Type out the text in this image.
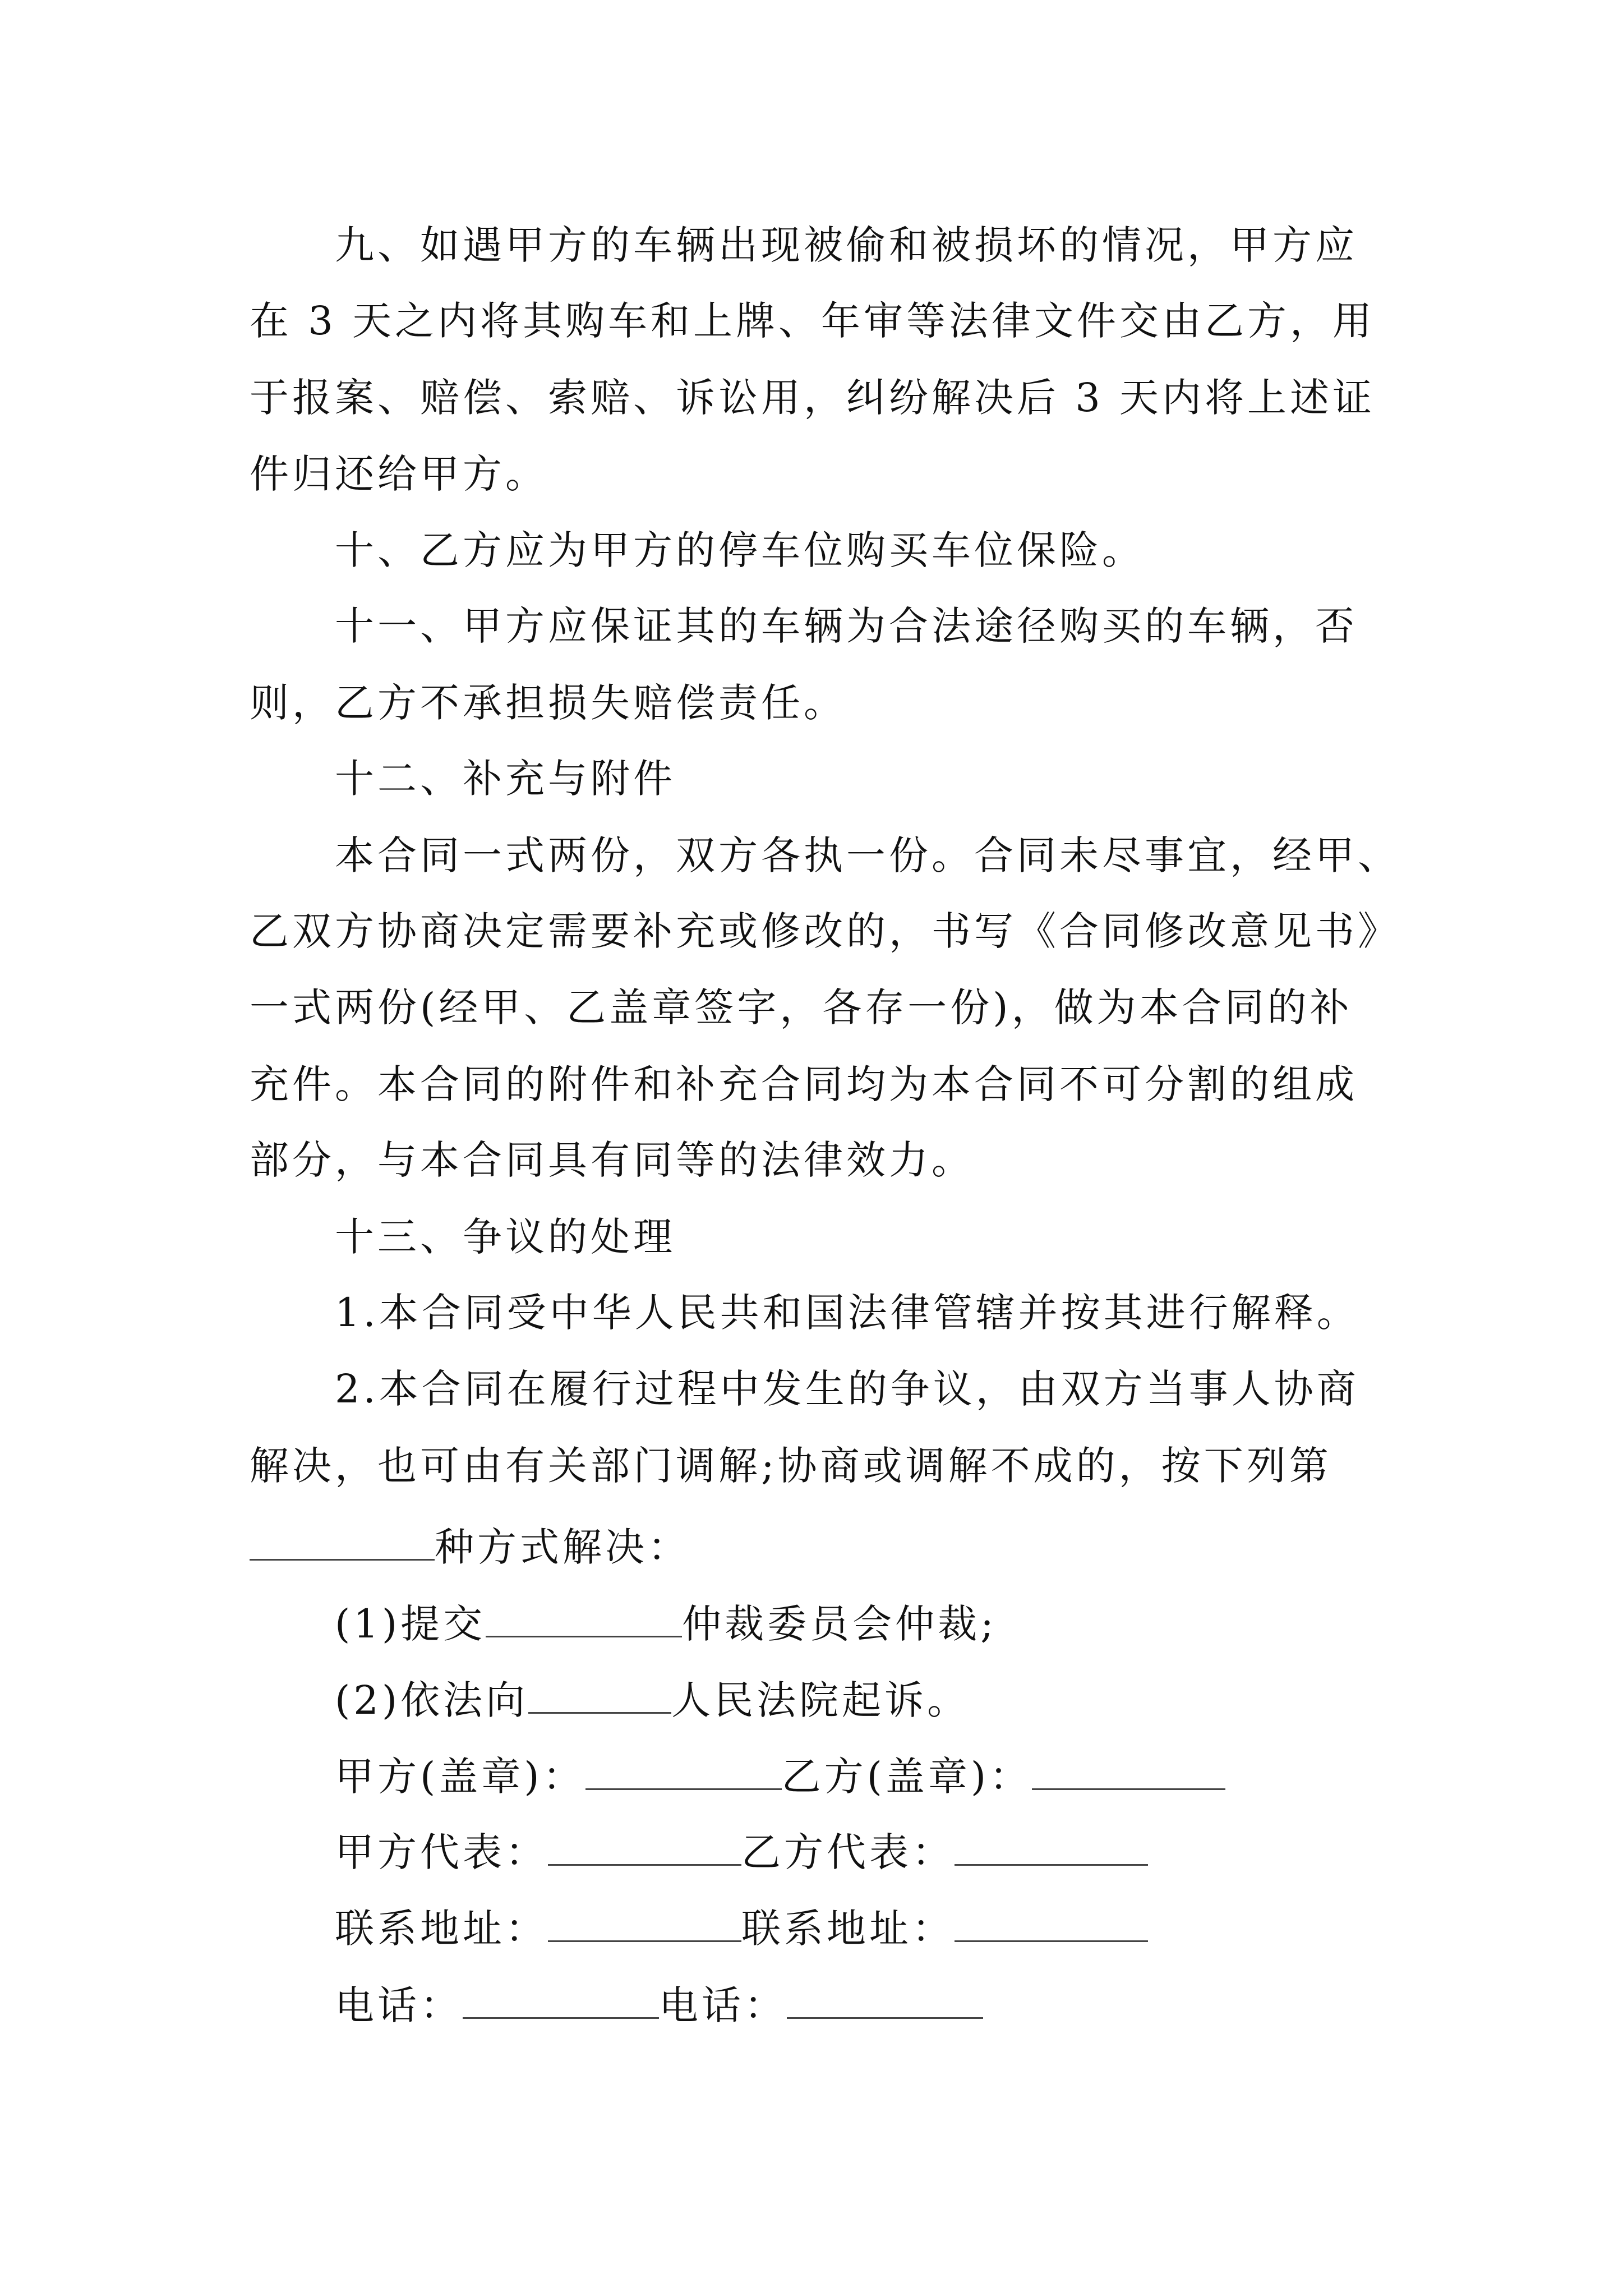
九、如遇甲方的车辆出现被偷和被损坏的情况，甲方应
在 3 天之内将其购车和上牌、年审等法律文件交由乙方，用
于报案、赔偿、索赔、诉讼用，纠纷解决后 3 天内将上述证
件归还给甲方。
十、乙方应为甲方的停车位购买车位保险。
十一、甲方应保证其的车辆为合法途径购买的车辆，否
则，乙方不承担损失赔偿责任。
十二、补充与附件
本合同一式两份，双方各执一份。合同未尽事宜，经甲、
乙双方协商决定需要补充或修改的，书写《合同修改意见书》
一式两份(经甲、乙盖章签字，各存一份)，做为本合同的补
充件。本合同的附件和补充合同均为本合同不可分割的组成
部分，与本合同具有同等的法律效力。
十三、争议的处理
1.本合同受中华人民共和国法律管辖并按其进行解释。
2.本合同在履行过程中发生的争议，由双方当事人协商
解决，也可由有关部门调解;协商或调解不成的，按下列第
种方式解决：
(1)提交	仲裁委员会仲裁;
(2)依法向	人民法院起诉。
甲方(盖章)：	乙方(盖章)：
甲方代表：	乙方代表：
联系地址：	联系地址：
电话：	电话：
